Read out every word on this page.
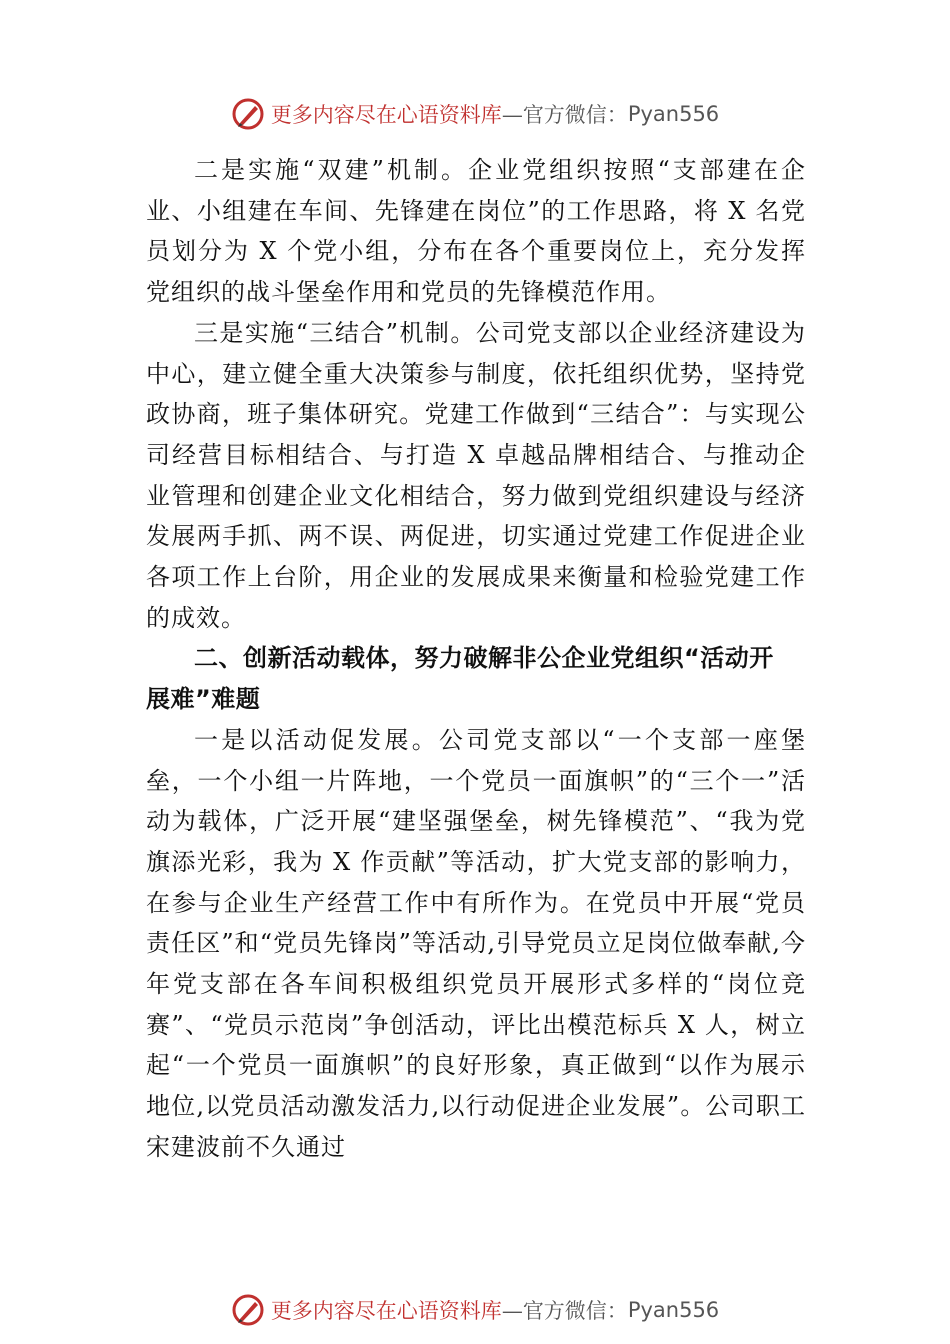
更多内容尽在心语资料库 —官方微信： Pyan556

二是实施“双建”机制。企业党组织按照“支部建在企业、小组建在车间、先锋建在岗位”的工作思路，将 X 名党员划分为 X 个党小组，分布在各个重要岗位上，充分发挥党组织的战斗堡垒作用和党员的先锋模范作用。

三是实施“三结合”机制。公司党支部以企业经济建设为中心，建立健全重大决策参与制度，依托组织优势，坚持党政协商，班子集体研究。党建工作做到“三结合”：与实现公司经营目标相结合、与打造 X 卓越品牌相结合、与推动企业管理和创建企业文化相结合，努力做到党组织建设与经济发展两手抓、两不误、两促进，切实通过党建工作促进企业各项工作上台阶，用企业的发展成果来衡量和检验党建工作的成效。

二、创新活动载体，努力破解非公企业党组织“活动开 展难”难题

一是以活动促发展。公司党支部以“一个支部一座堡垒，一个小组一片阵地，一个党员一面旗帜”的“三个一”活动为载体，广泛开展“建坚强堡垒，树先锋模范”、“我为党旗添光彩，我为 X 作贡献”等活动，扩大党支部的影响力，在参与企业生产经营工作中有所作为。在党员中开展“党员责任区”和“党员先锋岗”等活动,引导党员立足岗位做奉献,今年党支部在各车间积极组织党员开展形式多样的“岗位竞赛”、“党员示范岗”争创活动，评比出模范标兵 X 人，树立起“一个党员一面旗帜”的良好形象，真正做到“以作为展示地位,以党员活动激发活力,以行动促进企业发展”。公司职工宋建波前不久通过

更多内容尽在心语资料库 —官方微信： Pyan556
